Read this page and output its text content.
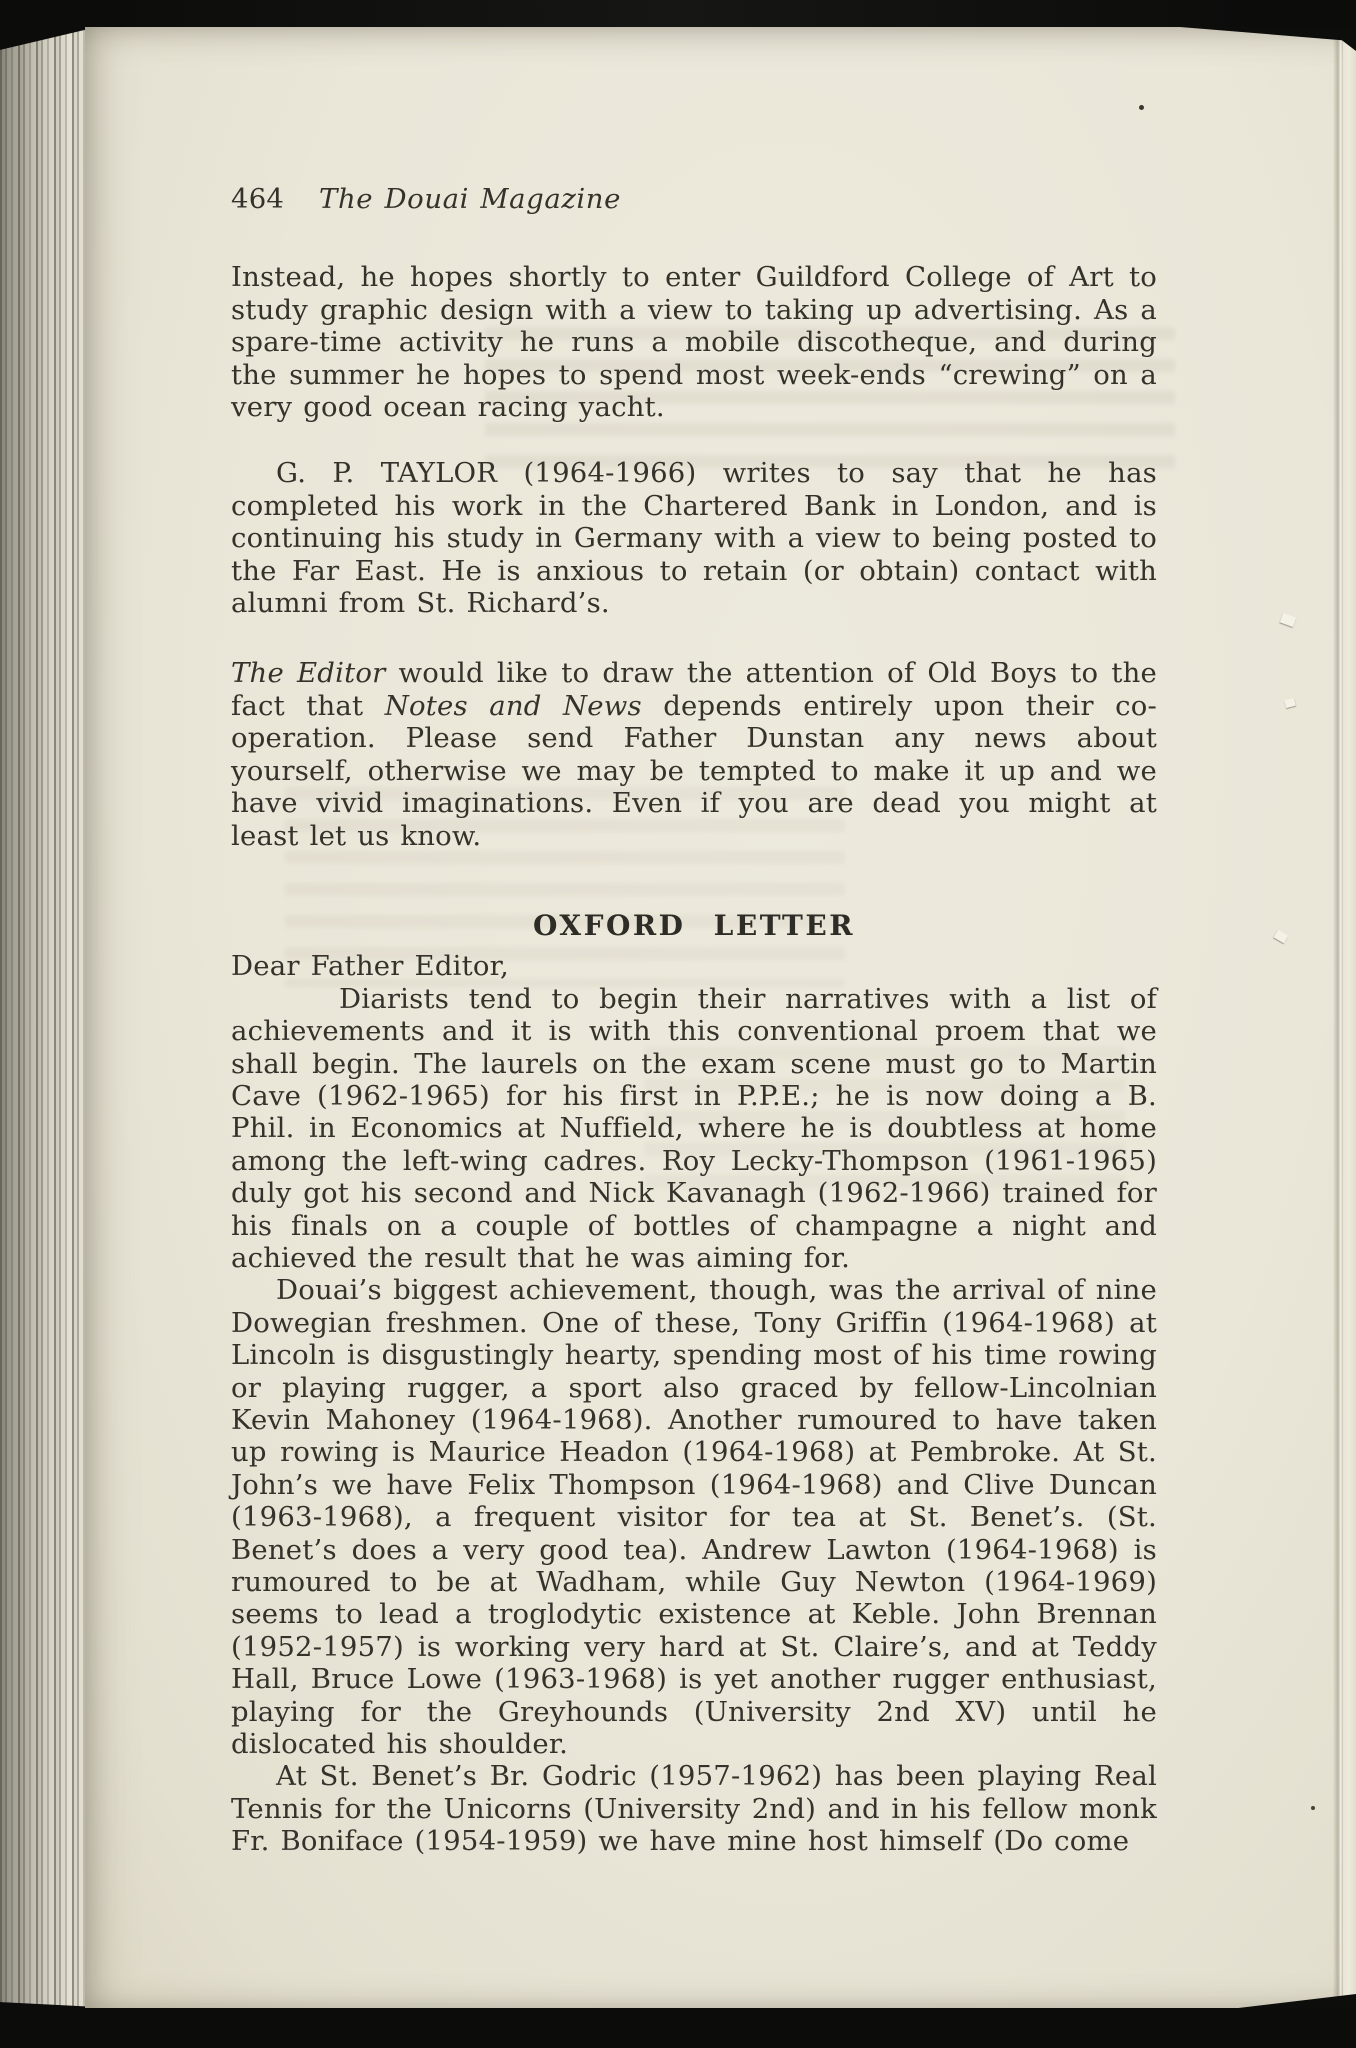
464 The Douai Magazine

Instead, he hopes shortly to enter Guildford College of Art to study graphic design with a view to taking up advertising. As a spare-time activity he runs a mobile discotheque, and during the summer he hopes to spend most week-ends “crewing” on a very good ocean racing yacht.

G. P. TAYLOR (1964-1966) writes to say that he has completed his work in the Chartered Bank in London, and is continuing his study in Germany with a view to being posted to the Far East. He is anxious to retain (or obtain) contact with alumni from St. Richard’s.

The Editor would like to draw the attention of Old Boys to the fact that Notes and News depends entirely upon their co-operation. Please send Father Dunstan any news about yourself, otherwise we may be tempted to make it up and we have vivid imaginations. Even if you are dead you might at least let us know.

OXFORD LETTER
Dear Father Editor,

Diarists tend to begin their narratives with a list of achievements and it is with this conventional proem that we shall begin. The laurels on the exam scene must go to Martin Cave (1962-1965) for his first in P.P.E.; he is now doing a B. Phil. in Economics at Nuffield, where he is doubtless at home among the left-wing cadres. Roy Lecky-Thompson (1961-1965) duly got his second and Nick Kavanagh (1962-1966) trained for his finals on a couple of bottles of champagne a night and achieved the result that he was aiming for.

Douai’s biggest achievement, though, was the arrival of nine Dowegian freshmen. One of these, Tony Griffin (1964-1968) at Lincoln is disgustingly hearty, spending most of his time rowing or playing rugger, a sport also graced by fellow-Lincolnian Kevin Mahoney (1964-1968). Another rumoured to have taken up rowing is Maurice Headon (1964-1968) at Pembroke. At St. John’s we have Felix Thompson (1964-1968) and Clive Duncan (1963-1968), a frequent visitor for tea at St. Benet’s. (St. Benet’s does a very good tea). Andrew Lawton (1964-1968) is rumoured to be at Wadham, while Guy Newton (1964-1969) seems to lead a troglodytic existence at Keble. John Brennan (1952-1957) is working very hard at St. Claire’s, and at Teddy Hall, Bruce Lowe (1963-1968) is yet another rugger enthusiast, playing for the Greyhounds (University 2nd XV) until he dislocated his shoulder.

At St. Benet’s Br. Godric (1957-1962) has been playing Real Tennis for the Unicorns (University 2nd) and in his fellow monk Fr. Boniface (1954-1959) we have mine host himself (Do come
